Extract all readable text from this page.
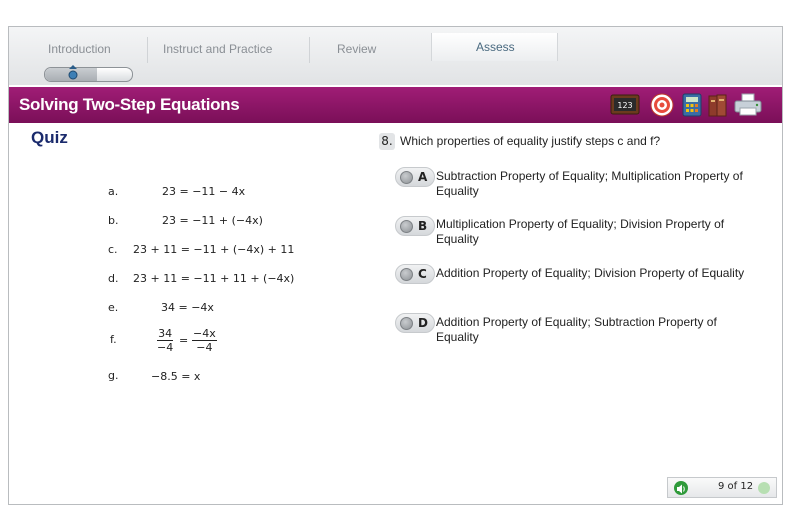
Introduction	Instruct and Practice	Review	Assess
Solving Two-Step Equations	123
Quiz
a.	23 = −11 − 4x
b.	23 = −11 + (−4x)
c. 23 + 11 = −11 + (−4x) + 11
d. 23 + 11 = −11 + 11 + (−4x)
e.	34 = −4x
f.	$\frac{34}{-4} = \frac{-4x}{-4}$
g.	−8.5 = x
8. Which properties of equality justify steps c and f?
A Subtraction Property of Equality; Multiplication Property of Equality
B Multiplication Property of Equality; Division Property of Equality
C Addition Property of Equality; Division Property of Equality
D Addition Property of Equality; Subtraction Property of Equality
9 of 12
